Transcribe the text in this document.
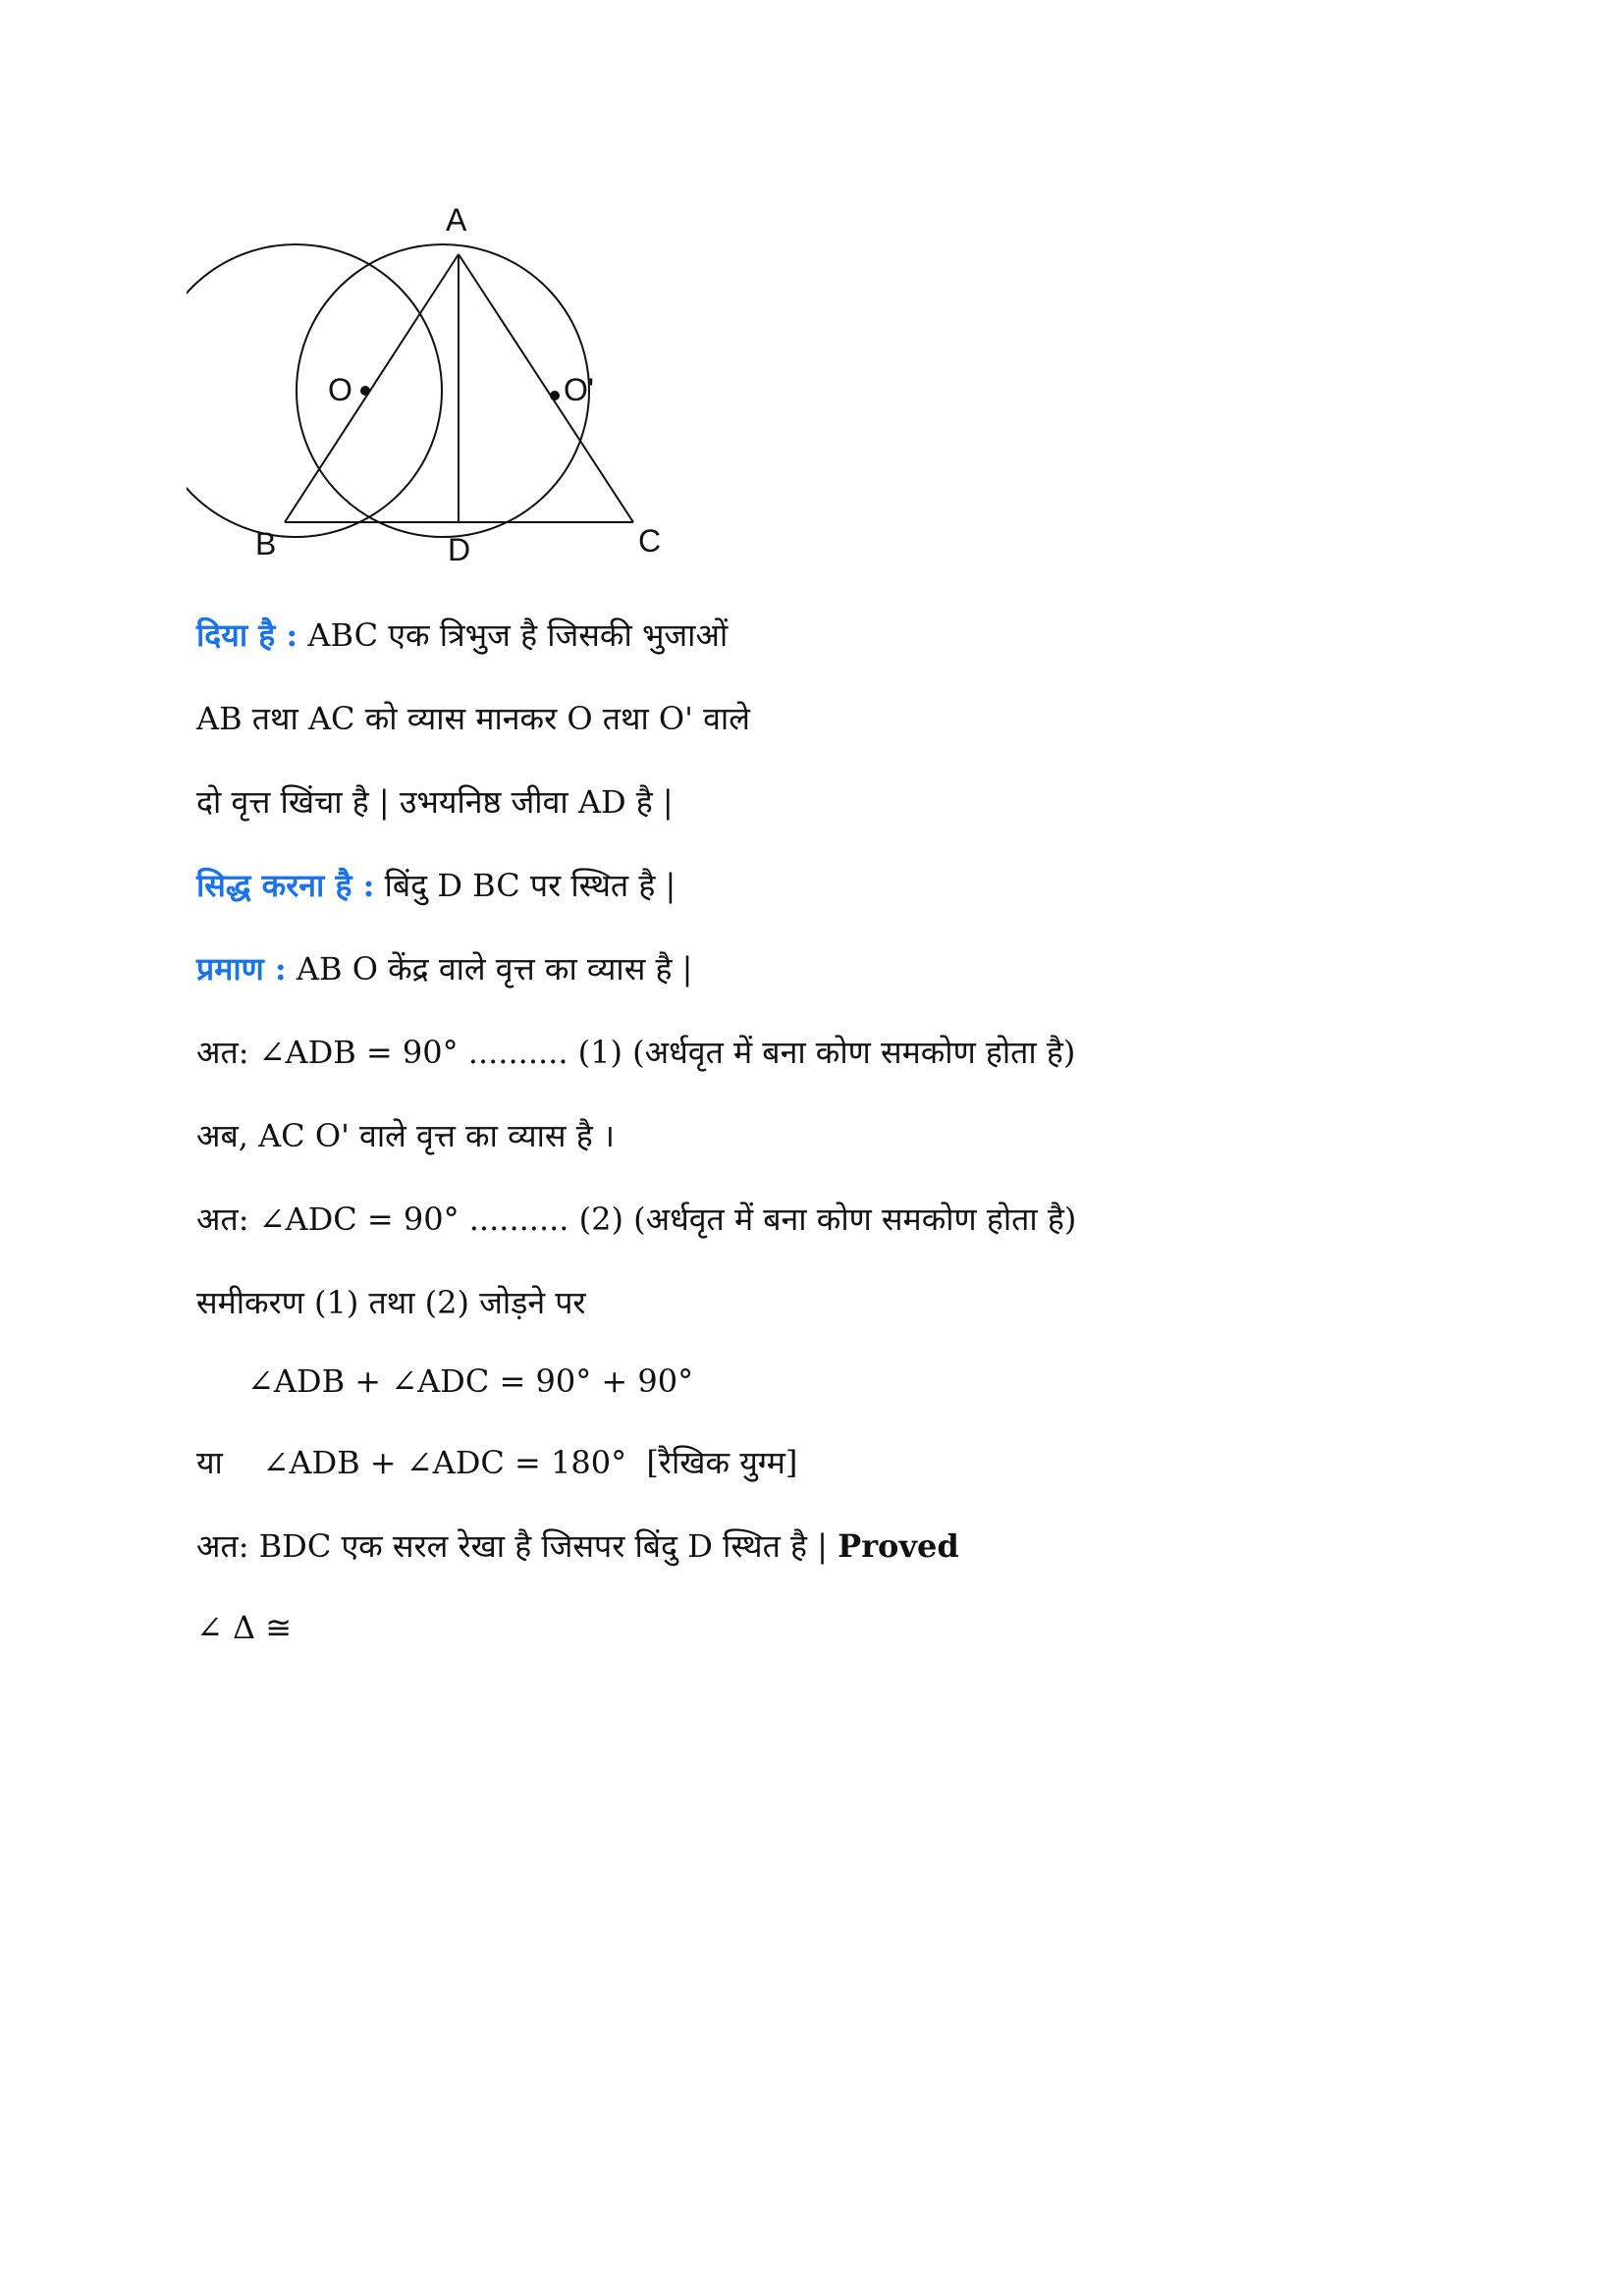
A
O	O'
B	D	C
दिया है : ABC एक त्रिभुज है जिसकी भुजाओं
AB तथा AC को व्यास मानकर O तथा O' वाले
दो वृत्त खिंचा है | उभयनिष्ठ जीवा AD है |
सिद्ध करना है : बिंदु D BC पर स्थित है |
प्रमाण : AB O केंद्र वाले वृत्त का व्यास है |
अत: ∠ADB = 90° .......... (1) (अर्धवृत में बना कोण समकोण होता है)
अब, AC O' वाले वृत्त का व्यास है ।
अत: ∠ADC = 90° .......... (2) (अर्धवृत में बना कोण समकोण होता है)
समीकरण (1) तथा (2) जोड़ने पर
∠ADB + ∠ADC = 90° + 90°
या    ∠ADB + ∠ADC = 180°  [रैखिक युग्म]
अत: BDC एक सरल रेखा है जिसपर बिंदु D स्थित है | Proved
∠ Δ ≅
